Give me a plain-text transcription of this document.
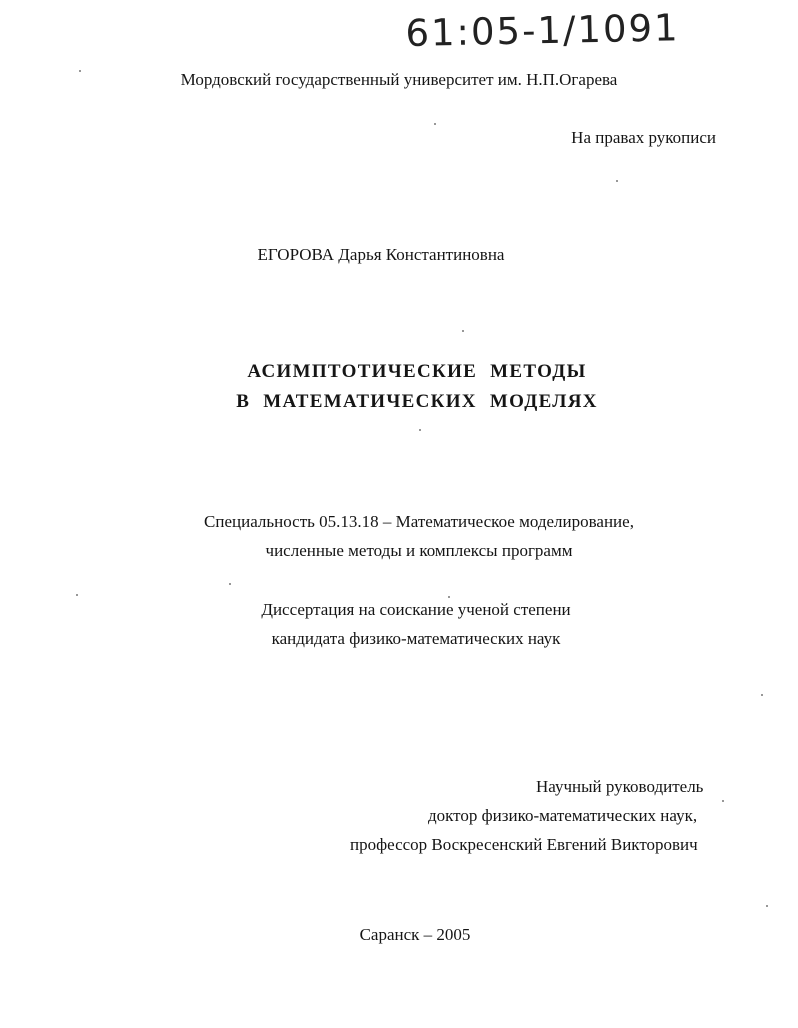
61:05-1/1091
Мордовский государственный университет им. Н.П.Огарева
На правах рукописи
ЕГОРОВА Дарья Константиновна
АСИМПТОТИЧЕСКИЕ МЕТОДЫ
В МАТЕМАТИЧЕСКИХ МОДЕЛЯХ
Специальность 05.13.18 – Математическое моделирование,
численные методы и комплексы программ
Диссертация на соискание ученой степени
кандидата физико-математических наук
Научный руководитель
доктор физико-математических наук,
профессор Воскресенский Евгений Викторович
Саранск – 2005
